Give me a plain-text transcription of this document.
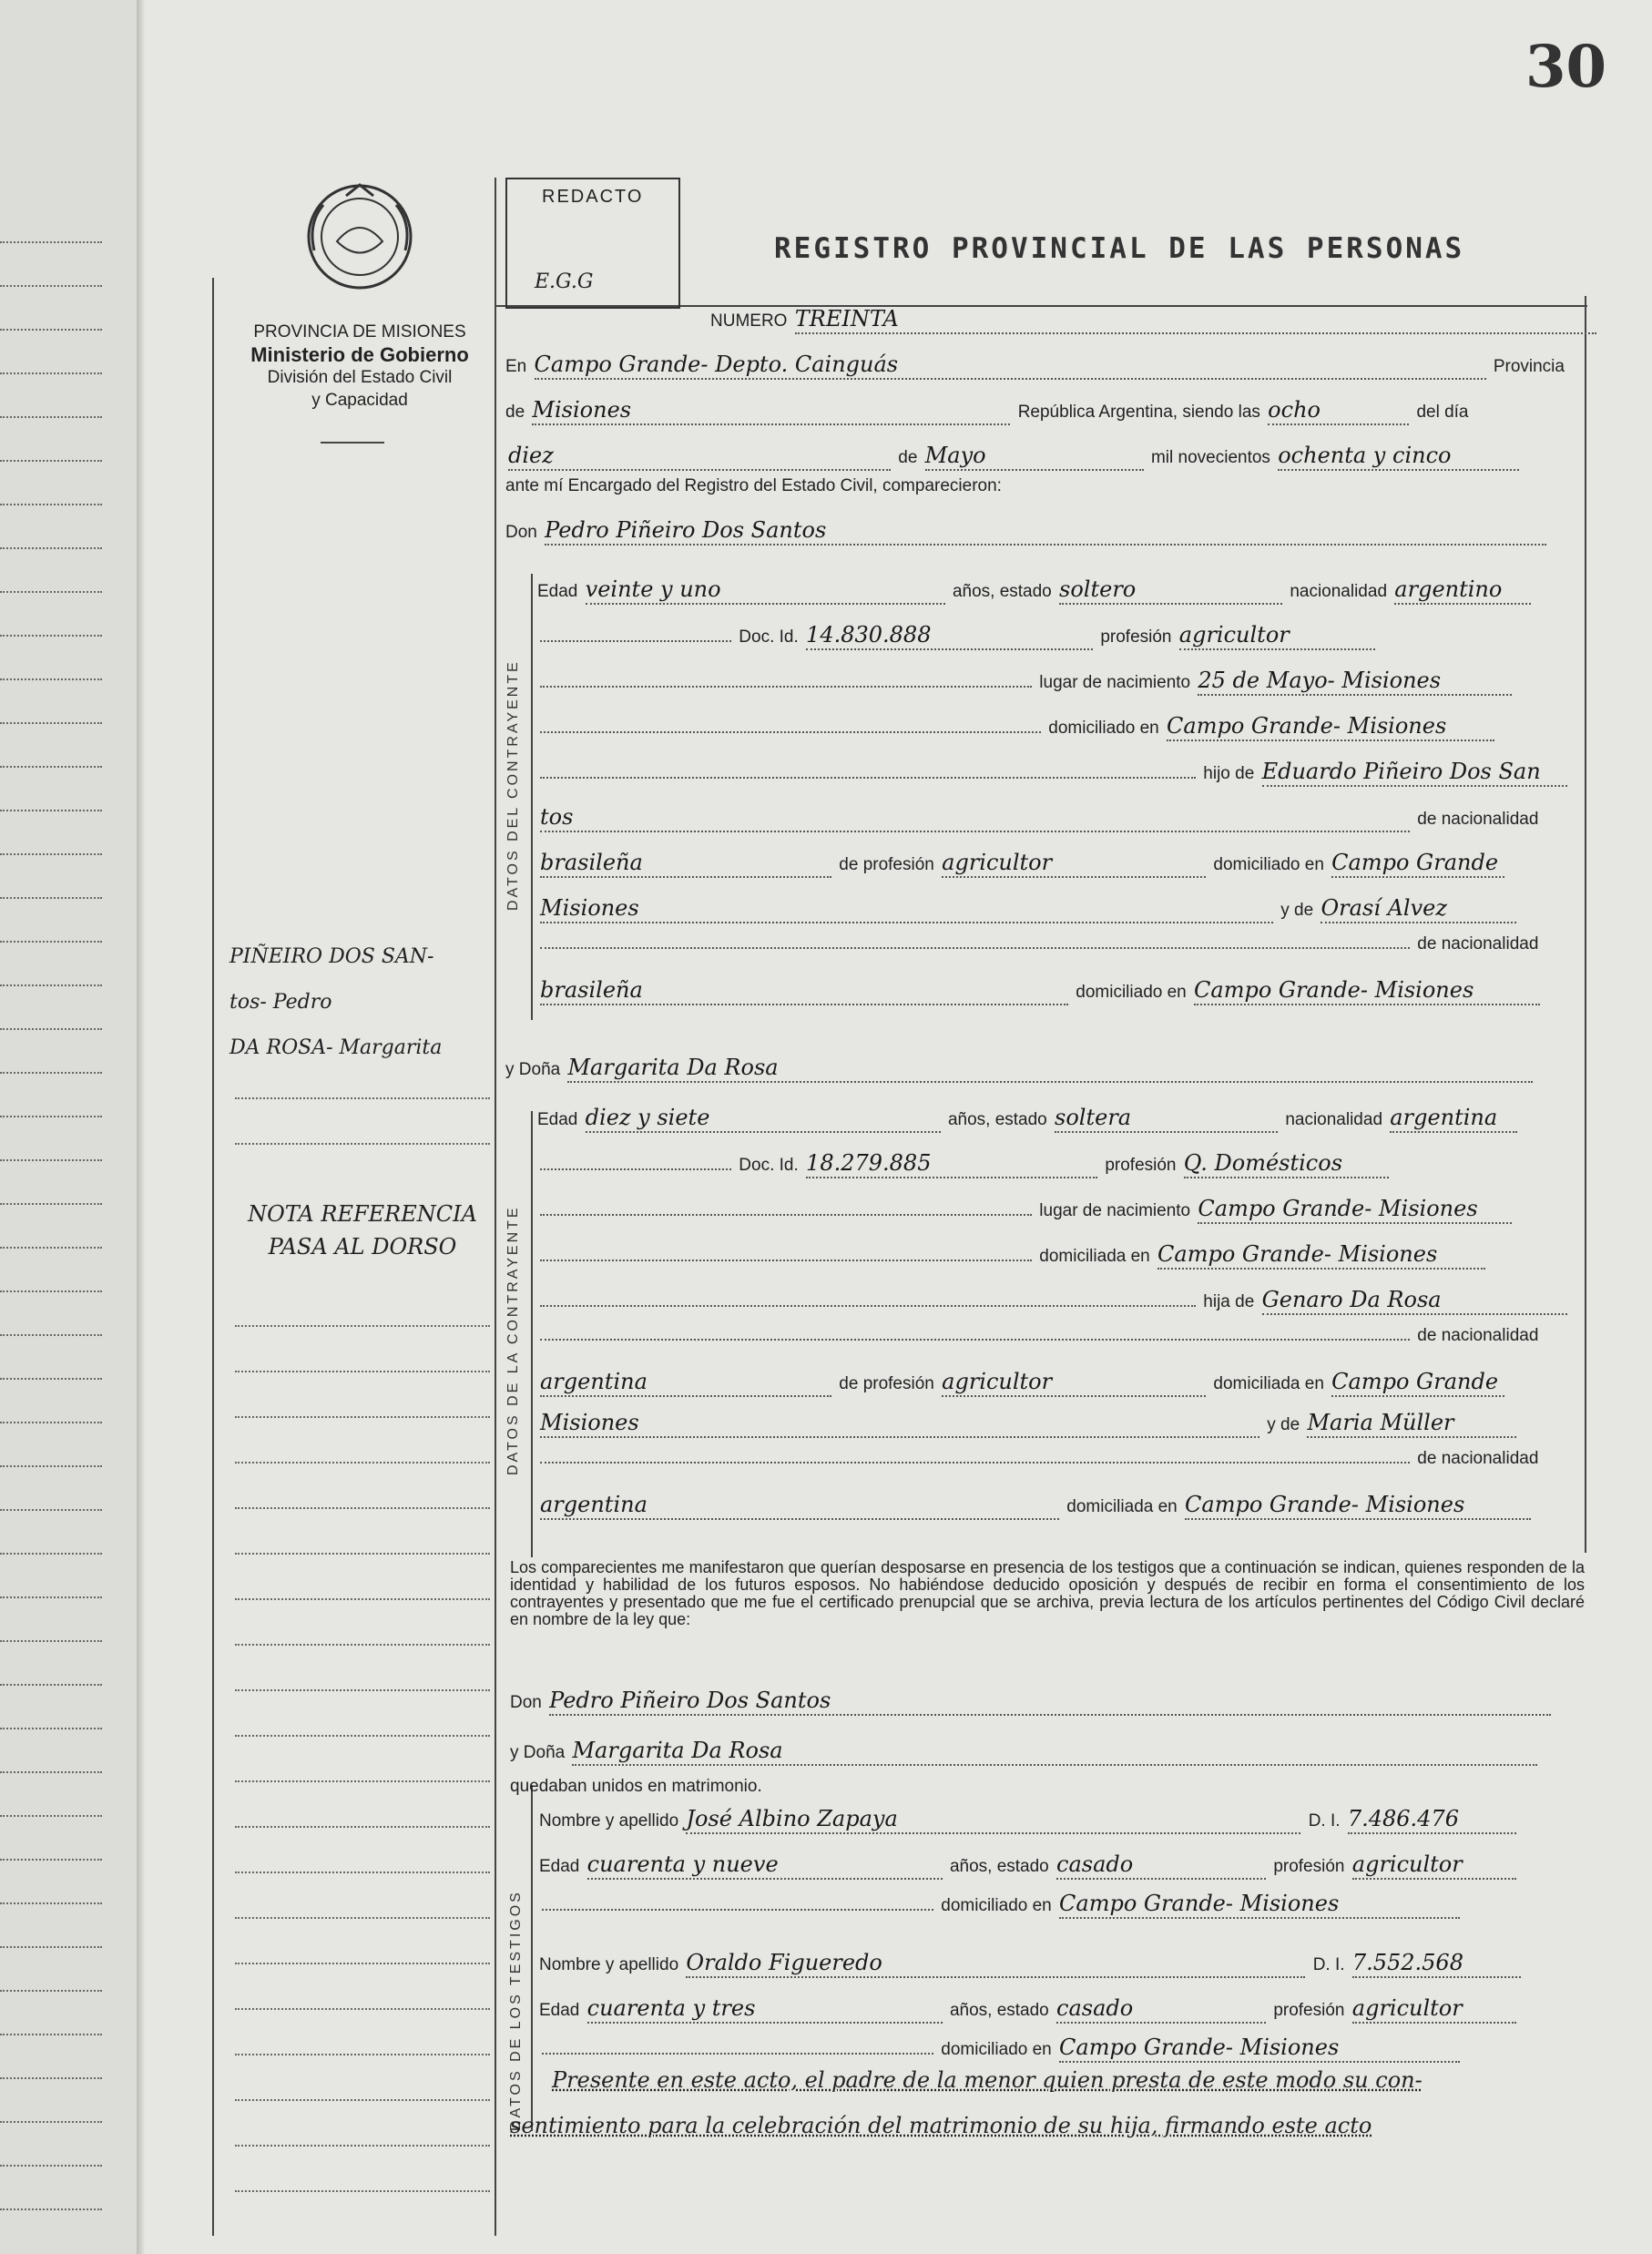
30
PROVINCIA DE MISIONES
Ministerio de Gobierno
División del Estado Civil
y Capacidad
REDACTO
E.G.G
REGISTRO PROVINCIAL DE LAS PERSONAS
NUMERO TREINTA
En Campo Grande- Depto. Cainguás	Provincia
de Misiones	República Argentina, siendo las ocho	del día
diez	de Mayo	mil novecientos ochenta y cinco
ante mí Encargado del Registro del Estado Civil, comparecieron:
Don Pedro Piñeiro Dos Santos
DATOS DEL CONTRAYENTE
Edad veinte y uno	años, estado soltero	nacionalidad argentino
Doc. Id. 14.830.888	profesión agricultor
lugar de nacimiento 25 de Mayo- Misiones
domiciliado en Campo Grande- Misiones
hijo de Eduardo Piñeiro Dos San
tos	de nacionalidad
brasileña	de profesión agricultor	domiciliado en Campo Grande
Misiones	y de Orasí Alvez
de nacionalidad
brasileña	domiciliado en Campo Grande- Misiones
y Doña Margarita Da Rosa
DATOS DE LA CONTRAYENTE
Edad diez y siete	años, estado soltera	nacionalidad argentina
Doc. Id. 18.279.885	profesión Q. Domésticos
lugar de nacimiento Campo Grande- Misiones
domiciliada en Campo Grande- Misiones
hija de Genaro Da Rosa
de nacionalidad
argentina	de profesión agricultor	domiciliada en Campo Grande
Misiones	y de Maria Müller
de nacionalidad
argentina	domiciliada en Campo Grande- Misiones
PIÑEIRO DOS SAN-
tos- Pedro
DA ROSA- Margarita
NOTA REFERENCIA
PASA AL DORSO
Los comparecientes me manifestaron que querían desposarse en presencia de los testigos que a continuación se indican, quienes responden de la identidad y habilidad de los futuros esposos. No habiéndose deducido oposición y después de recibir en forma el consentimiento de los contrayentes y presentado que me fue el certificado prenupcial que se archiva, previa lectura de los artículos pertinentes del Código Civil declaré en nombre de la ley que:
Don Pedro Piñeiro Dos Santos
y Doña Margarita Da Rosa
quedaban unidos en matrimonio.
DATOS DE LOS TESTIGOS
Nombre y apellido José Albino Zapaya	D. I. 7.486.476
Edad cuarenta y nueve	años, estado casado	profesión agricultor
domiciliado en Campo Grande- Misiones
Nombre y apellido Oraldo Figueredo	D. I. 7.552.568
Edad cuarenta y tres	años, estado casado	profesión agricultor
domiciliado en Campo Grande- Misiones
Presente en este acto, el padre de la menor quien presta de este modo su con-
sentimiento para la celebración del matrimonio de su hija, firmando este acto
